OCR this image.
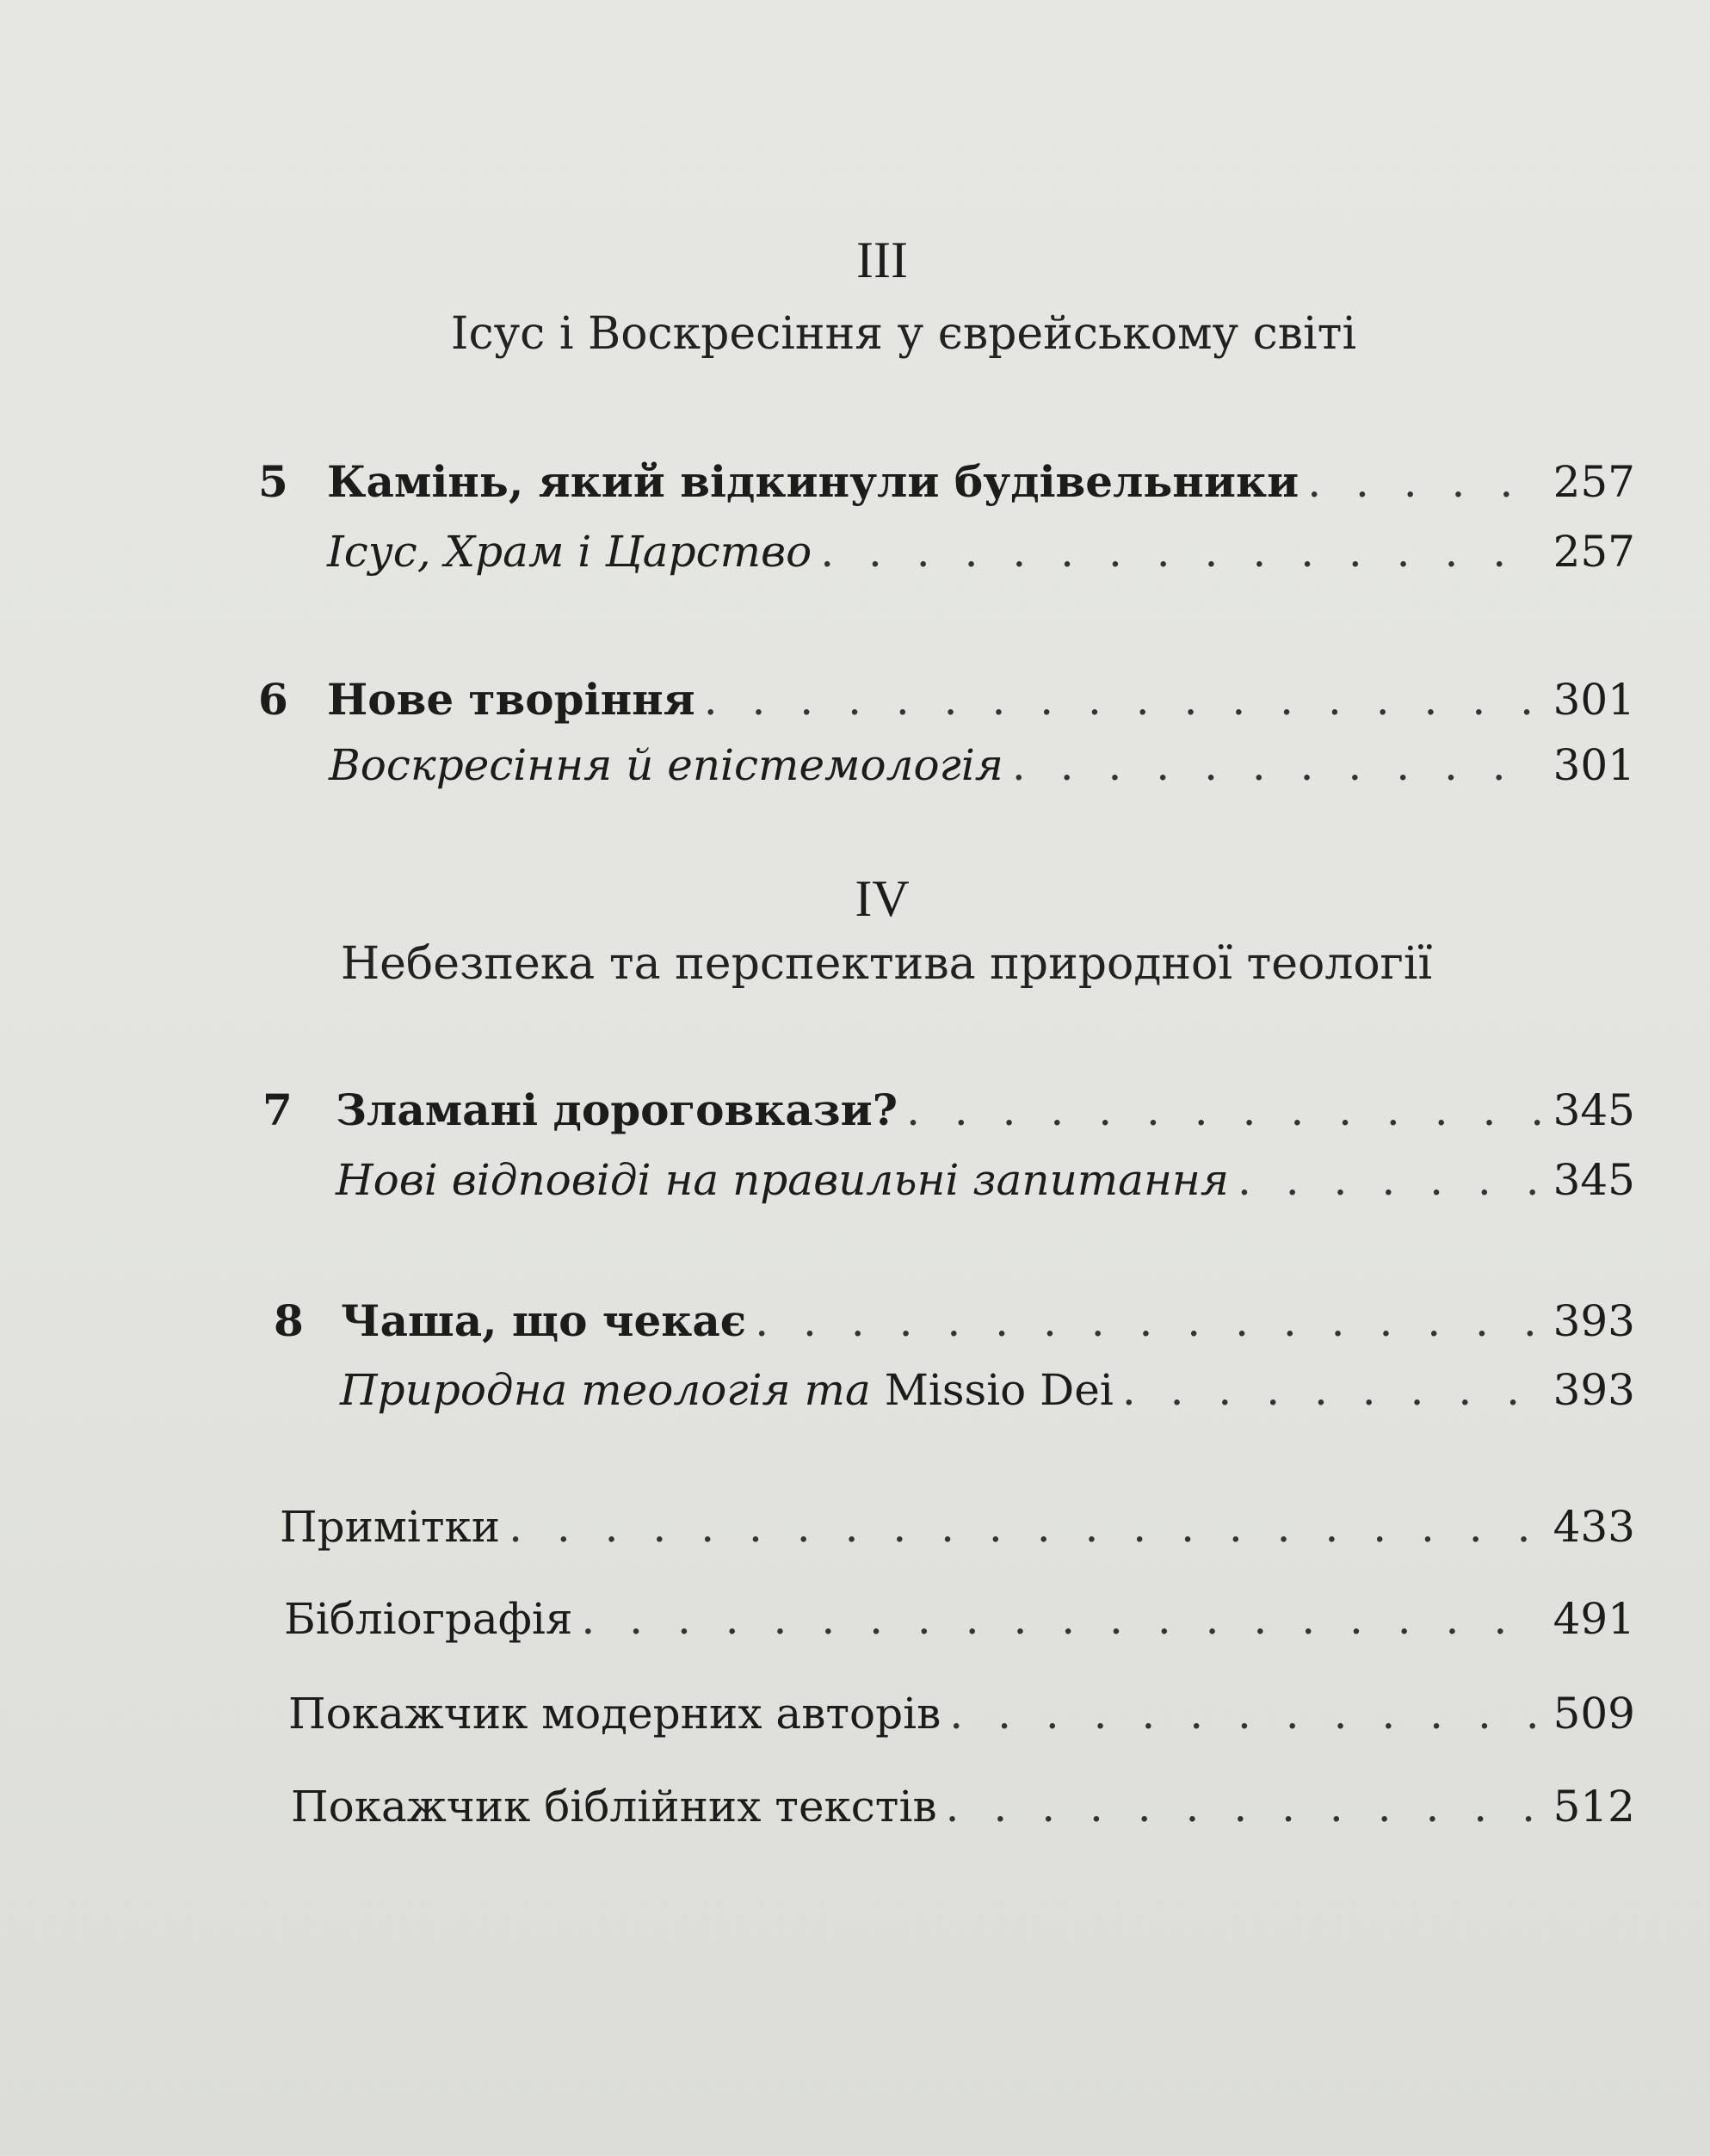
III
Ісус і Воскресіння у єврейському світі
5 Камінь, який відкинули будівельники . . .	257
Ісус, Храм і Царство . . .	257
6 Нове творіння . . .	301
Воскресіння й епістемологія . . .	301
IV
Небезпека та перспектива природної теології
7	Зламані дороговкази? . . .	345
Нові відповіді на правильні запитання . . .	345
8 Чаша, що чекає . . .	393
Природна теологія та Missio Dei . . .	393
Примітки . . .	433
Бібліографія . . .	491
Покажчик модерних авторів . . .	509
Покажчик біблійних текстів . . .	512
